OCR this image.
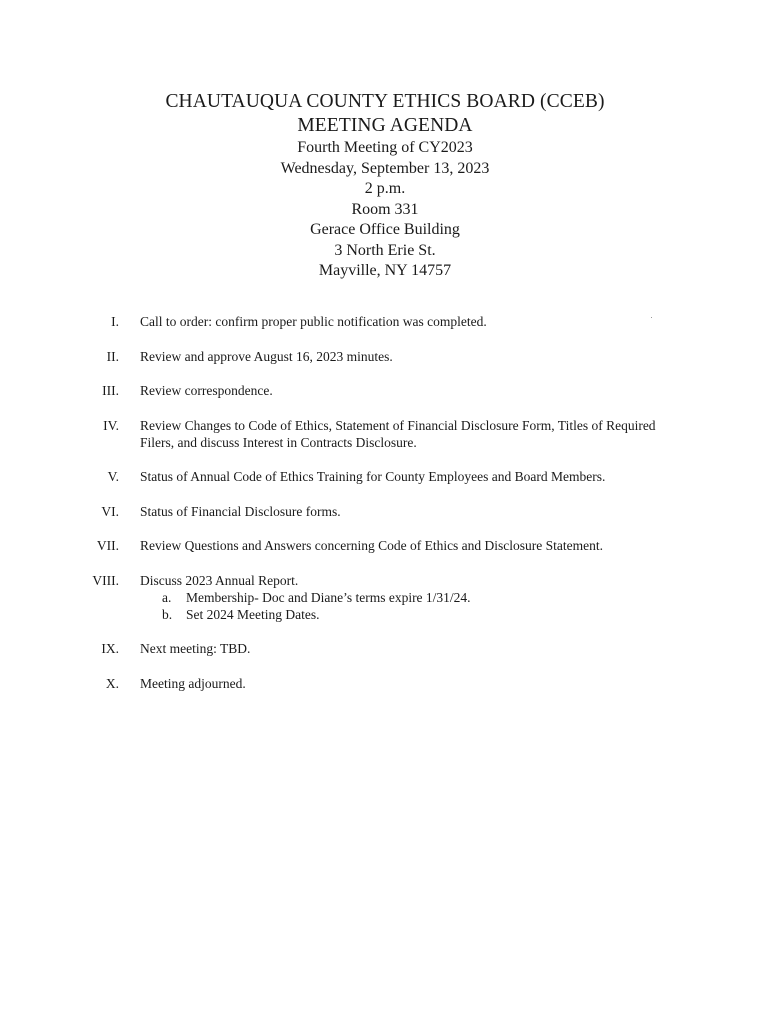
CHAUTAUQUA COUNTY ETHICS BOARD (CCEB)
MEETING AGENDA
Fourth Meeting of CY2023
Wednesday, September 13, 2023
2 p.m.
Room 331
Gerace Office Building
3 North Erie St.
Mayville, NY 14757
I. Call to order: confirm proper public notification was completed.
II. Review and approve August 16, 2023 minutes.
III. Review correspondence.
IV. Review Changes to Code of Ethics, Statement of Financial Disclosure Form, Titles of Required Filers, and discuss Interest in Contracts Disclosure.
V. Status of Annual Code of Ethics Training for County Employees and Board Members.
VI. Status of Financial Disclosure forms.
VII. Review Questions and Answers concerning Code of Ethics and Disclosure Statement.
VIII. Discuss 2023 Annual Report.
a.	Membership- Doc and Diane’s terms expire 1/31/24.
b.	Set 2024 Meeting Dates.
IX. Next meeting: TBD.
X. Meeting adjourned.
